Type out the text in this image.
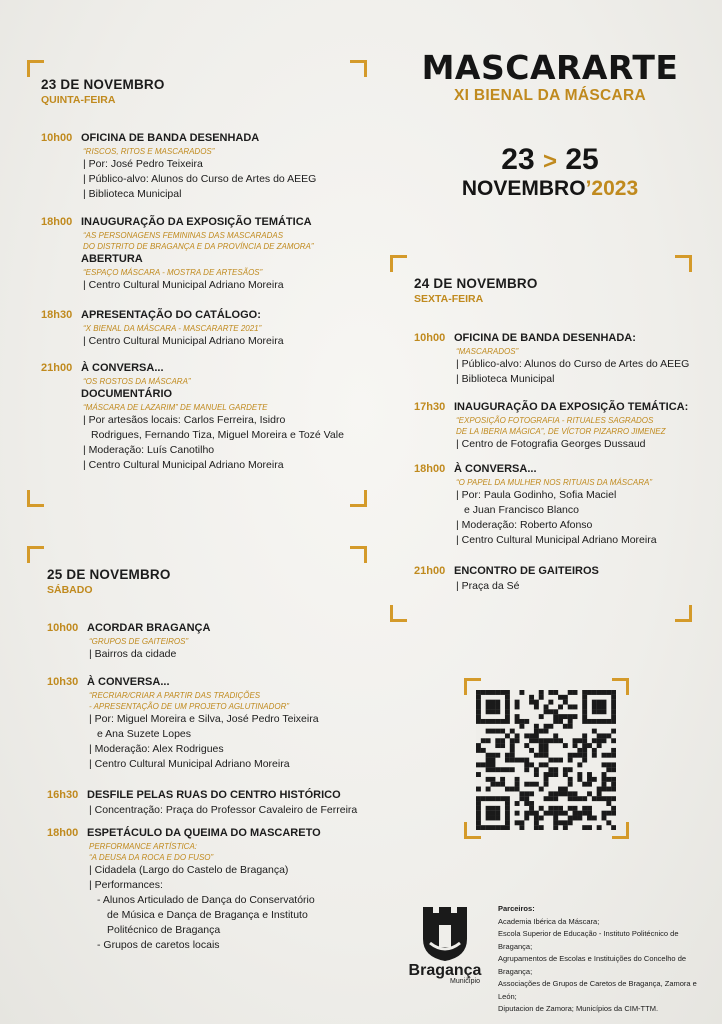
MASCARARTE
XI BIENAL DA MÁSCARA
23 > 25
NOVEMBRO’2023
23 DE NOVEMBRO
QUINTA-FEIRA
10h00 OFICINA DE BANDA DESENHADA
“RISCOS, RITOS E MASCARADOS”
| Por: José Pedro Teixeira
| Público-alvo: Alunos do Curso de Artes do AEEG
| Biblioteca Municipal
18h00 INAUGURAÇÃO DA EXPOSIÇÃO TEMÁTICA
“AS PERSONAGENS FEMININAS DAS MASCARADAS
DO DISTRITO DE BRAGANÇA E DA PROVÍNCIA DE ZAMORA”
ABERTURA
“ESPAÇO MÁSCARA - MOSTRA DE ARTESÃOS”
| Centro Cultural Municipal Adriano Moreira
18h30 APRESENTAÇÃO DO CATÁLOGO:
“X BIENAL DA MÁSCARA - MASCARARTE 2021”
| Centro Cultural Municipal Adriano Moreira
21h00 À CONVERSA...
“OS ROSTOS DA MÁSCARA”
DOCUMENTÁRIO
“MÁSCARA DE LAZARIM” DE MANUEL GARDETE
| Por artesãos locais: Carlos Ferreira, Isidro
Rodrigues, Fernando Tiza, Miguel Moreira e Tozé Vale
| Moderação: Luís Canotilho
| Centro Cultural Municipal Adriano Moreira
24 DE NOVEMBRO
SEXTA-FEIRA
10h00 OFICINA DE BANDA DESENHADA:
“MASCARADOS”
| Público-alvo: Alunos do Curso de Artes do AEEG
| Biblioteca Municipal
17h30 INAUGURAÇÃO DA EXPOSIÇÃO TEMÁTICA:
“EXPOSIÇÃO FOTOGRAFIA - RITUALES SAGRADOS
DE LA IBERIA MÁGICA”, DE VÍCTOR PIZARRO JIMENEZ
| Centro de Fotografia Georges Dussaud
18h00 À CONVERSA...
“O PAPEL DA MULHER NOS RITUAIS DA MÁSCARA”
| Por: Paula Godinho, Sofia Maciel
e Juan Francisco Blanco
| Moderação: Roberto Afonso
| Centro Cultural Municipal Adriano Moreira
21h00 ENCONTRO DE GAITEIROS
| Praça da Sé
25 DE NOVEMBRO
SÁBADO
10h00 ACORDAR BRAGANÇA
“GRUPOS DE GAITEIROS”
| Bairros da cidade
10h30 À CONVERSA...
“RECRIAR/CRIAR A PARTIR DAS TRADIÇÕES
- APRESENTAÇÃO DE UM PROJETO AGLUTINADOR”
| Por: Miguel Moreira e Silva, José Pedro Teixeira
e Ana Suzete Lopes
| Moderação: Alex Rodrigues
| Centro Cultural Municipal Adriano Moreira
16h30 DESFILE PELAS RUAS DO CENTRO HISTÓRICO
| Concentração: Praça do Professor Cavaleiro de Ferreira
18h00 ESPETÁCULO DA QUEIMA DO MASCARETO
PERFORMANCE ARTÍSTICA:
“A DEUSA DA ROCA E DO FUSO”
| Cidadela (Largo do Castelo de Bragança)
| Performances:
- Alunos Articulado de Dança do Conservatório
de Música e Dança de Bragança e Instituto
Politécnico de Bragança
- Grupos de caretos locais
Bragança
Município
Parceiros:
Academia Ibérica da Máscara;
Escola Superior de Educação - Instituto Politécnico de Bragança;
Agrupamentos de Escolas e Instituições do Concelho de Bragança;
Associações de Grupos de Caretos de Bragança, Zamora e León;
Diputacion de Zamora; Municípios da CIM-TTM.
